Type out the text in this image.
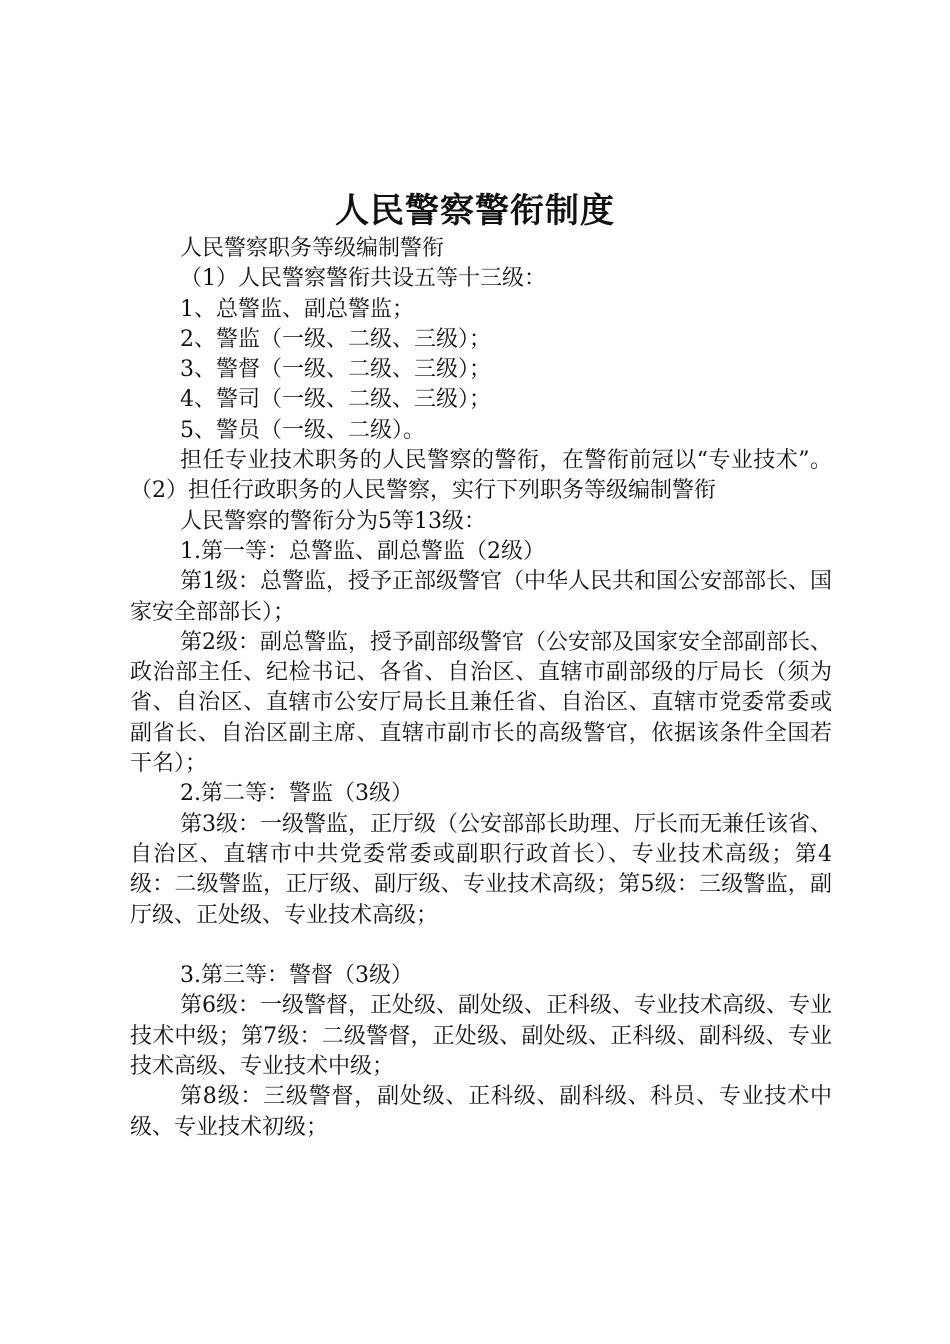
人民警察警衔制度

人民警察职务等级编制警衔

（1）人民警察警衔共设五等十三级：

1、总警监、副总警监；

2、警监（一级、二级、三级）；

3、警督（一级、二级、三级）；

4、警司（一级、二级、三级）；

5、警员（一级、二级）。

担任专业技术职务的人民警察的警衔，在警衔前冠以“专业技术”。（2）担任行政职务的人民警察，实行下列职务等级编制警衔

人民警察的警衔分为5等13级：

1.第一等：总警监、副总警监（2级）

第1级：总警监，授予正部级警官（中华人民共和国公安部部长、国家安全部部长）；

第2级：副总警监，授予副部级警官（公安部及国家安全部副部长、政治部主任、纪检书记、各省、自治区、直辖市副部级的厅局长（须为省、自治区、直辖市公安厅局长且兼任省、自治区、直辖市党委常委或副省长、自治区副主席、直辖市副市长的高级警官，依据该条件全国若干名）；

2.第二等：警监（3级）

第3级：一级警监，正厅级（公安部部长助理、厅长而无兼任该省、自治区、直辖市中共党委常委或副职行政首长）、专业技术高级；第4级：二级警监，正厅级、副厅级、专业技术高级；第5级：三级警监，副厅级、正处级、专业技术高级；

3.第三等：警督（3级）

第6级：一级警督，正处级、副处级、正科级、专业技术高级、专业技术中级；第7级：二级警督，正处级、副处级、正科级、副科级、专业技术高级、专业技术中级；

第8级：三级警督，副处级、正科级、副科级、科员、专业技术中级、专业技术初级；
